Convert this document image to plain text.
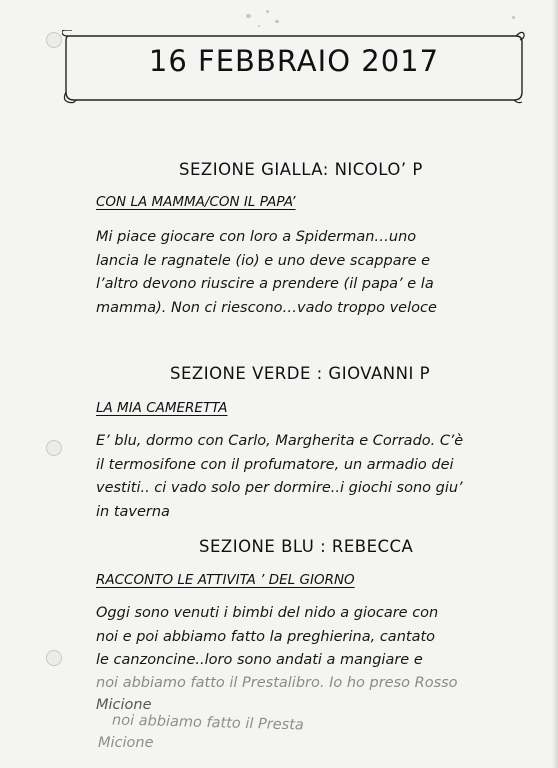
16 FEBBRAIO 2017
SEZIONE GIALLA: NICOLO’ P
CON LA MAMMA/CON IL PAPA’
Mi piace giocare con loro a Spiderman…uno
lancia le ragnatele (io) e uno deve scappare e
l’altro devono riuscire a prendere (il papa’ e la
mamma). Non ci riescono…vado troppo veloce
SEZIONE VERDE : GIOVANNI P
LA MIA CAMERETTA
E’ blu, dormo con Carlo, Margherita e Corrado. C’è
il termosifone con il profumatore, un armadio dei
vestiti.. ci vado solo per dormire..i giochi sono giu’
in taverna
SEZIONE BLU : REBECCA
RACCONTO LE ATTIVITA ’ DEL GIORNO
Oggi sono venuti i bimbi del nido a giocare con
noi e poi abbiamo fatto la preghierina, cantato
le canzoncine..loro sono andati a mangiare e
noi abbiamo fatto il Prestalibro. Io ho preso Rosso
Micione
noi abbiamo fatto il Presta
Micione
